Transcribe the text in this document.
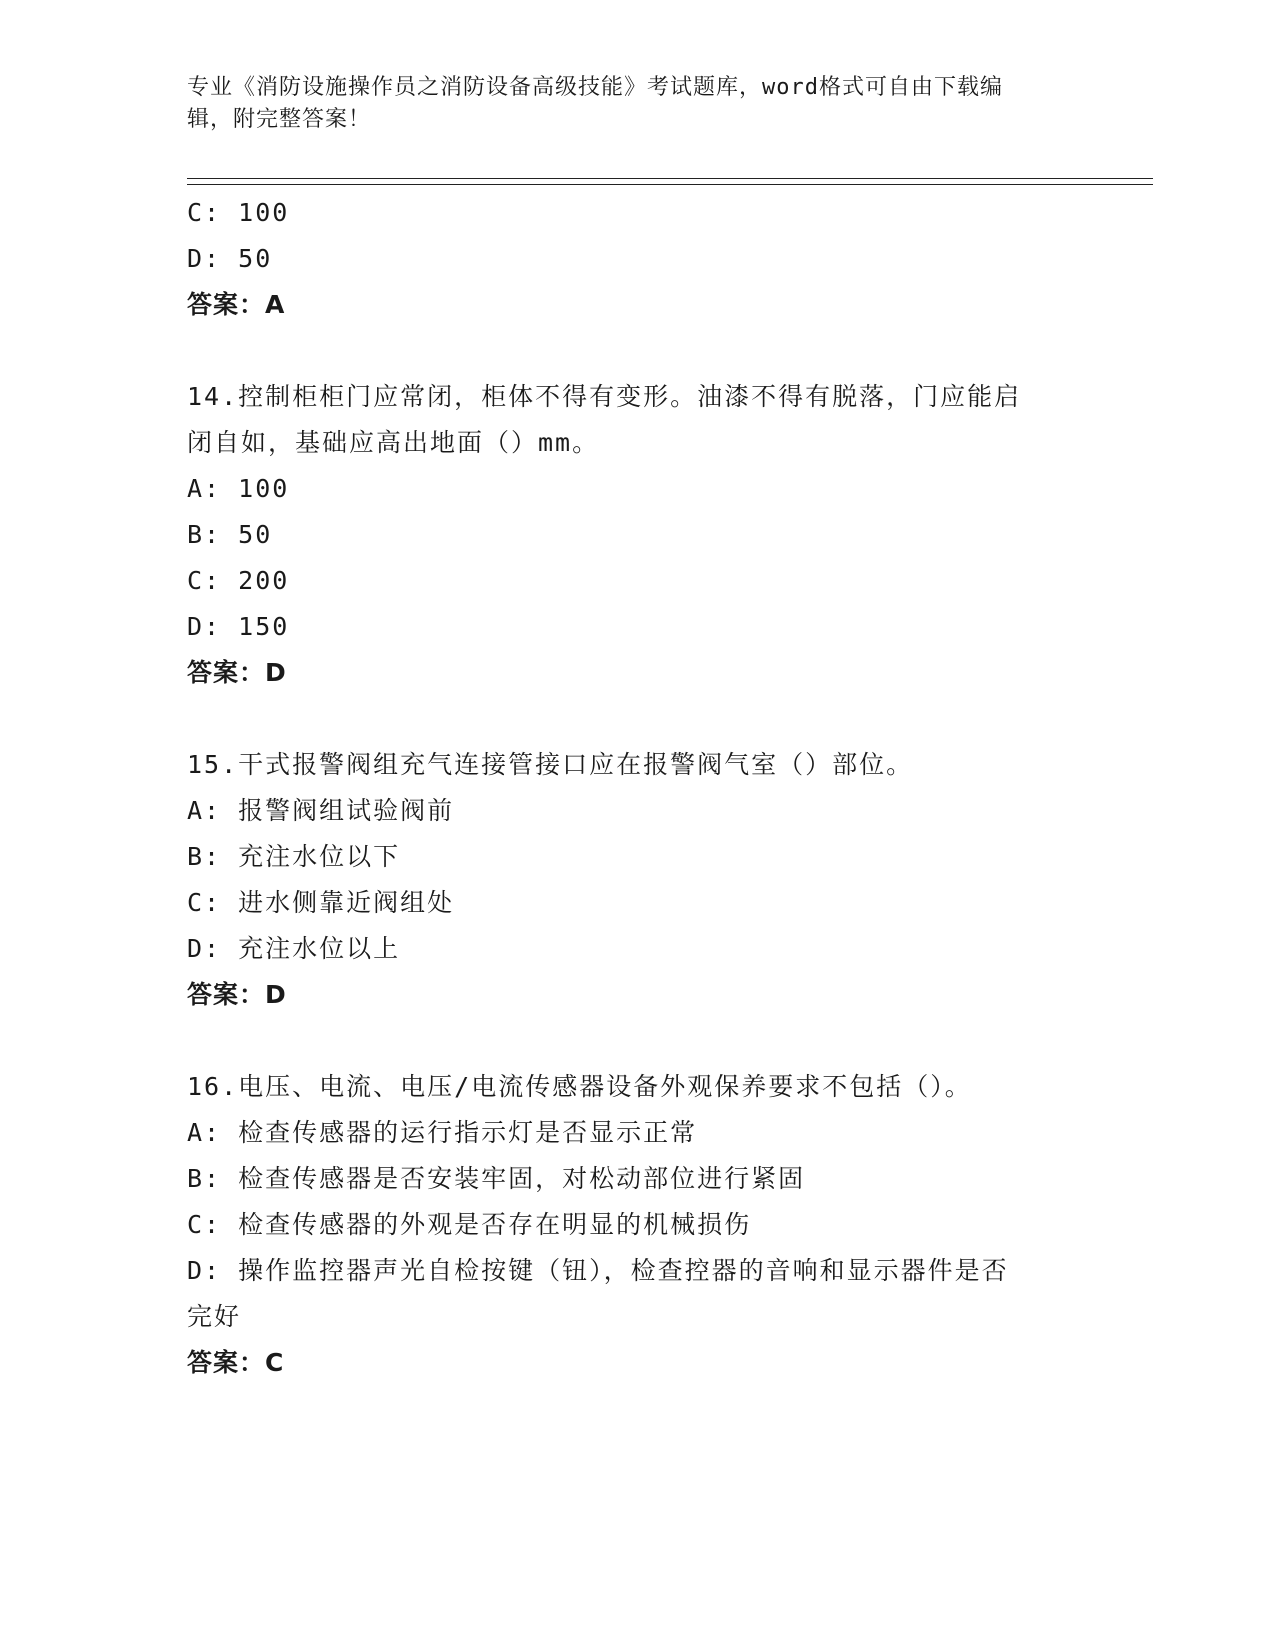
专业《消防设施操作员之消防设备高级技能》考试题库，word格式可自由下载编
辑，附完整答案！
C: 100
D: 50
答案：A
14.控制柜柜门应常闭，柜体不得有变形。油漆不得有脱落，门应能启
闭自如，基础应高出地面（）mm。
A: 100
B: 50
C: 200
D: 150
答案：D
15.干式报警阀组充气连接管接口应在报警阀气室（）部位。
A: 报警阀组试验阀前
B: 充注水位以下
C: 进水侧靠近阀组处
D: 充注水位以上
答案：D
16.电压、电流、电压/电流传感器设备外观保养要求不包括（）。
A: 检查传感器的运行指示灯是否显示正常
B: 检查传感器是否安装牢固，对松动部位进行紧固
C: 检查传感器的外观是否存在明显的机械损伤
D: 操作监控器声光自检按键（钮），检查控器的音响和显示器件是否
完好
答案：C
